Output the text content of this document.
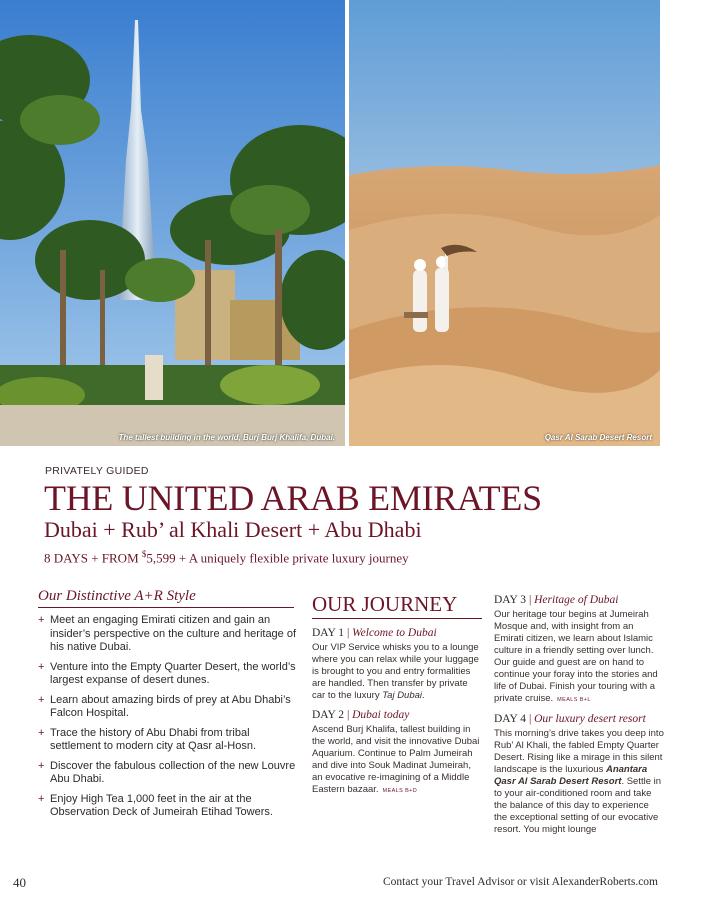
The tallest building in the world, Burj Burj Khalifa, Dubai.	Qasr Al Sarab Desert Resort
PRIVATELY GUIDED
THE UNITED ARAB EMIRATES
Dubai + Rub’ al Khali Desert + Abu Dhabi
8 DAYS + FROM $5,599 + A uniquely flexible private luxury journey
Our Distinctive A+R Style
+ Meet an engaging Emirati citizen and gain an insider’s perspective on the culture and heritage of his native Dubai.
+ Venture into the Empty Quarter Desert, the world’s largest expanse of desert dunes.
+ Learn about amazing birds of prey at Abu Dhabi’s Falcon Hospital.
+ Trace the history of Abu Dhabi from tribal settlement to modern city at Qasr al-Hosn.
+ Discover the fabulous collection of the new Louvre Abu Dhabi.
+ Enjoy High Tea 1,000 feet in the air at the Observation Deck of Jumeirah Etihad Towers.
OUR JOURNEY
DAY 1 | Welcome to Dubai

Our VIP Service whisks you to a lounge where you can relax while your luggage is brought to you and entry formalities are handled. Then transfer by private car to the luxury Taj Dubai.

DAY 2 | Dubai today

Ascend Burj Khalifa, tallest building in the world, and visit the innovative Dubai Aquarium. Continue to Palm Jumeirah and dive into Souk Madinat Jumeirah, an evocative re-imagining of a Middle Eastern bazaar. MEALS B+D

DAY 3 | Heritage of Dubai

Our heritage tour begins at Jumeirah Mosque and, with insight from an Emirati citizen, we learn about Islamic culture in a friendly setting over lunch. Our guide and guest are on hand to continue your foray into the stories and life of Dubai. Finish your touring with a private cruise. MEALS B+L

DAY 4 | Our luxury desert resort

This morning’s drive takes you deep into Rub’ Al Khali, the fabled Empty Quarter Desert. Rising like a mirage in this silent landscape is the luxurious Anantara Qasr Al Sarab Desert Resort. Settle in to your air-conditioned room and take the balance of this day to experience the exceptional setting of our evocative resort. You might lounge

40	Contact your Travel Advisor or visit AlexanderRoberts.com
